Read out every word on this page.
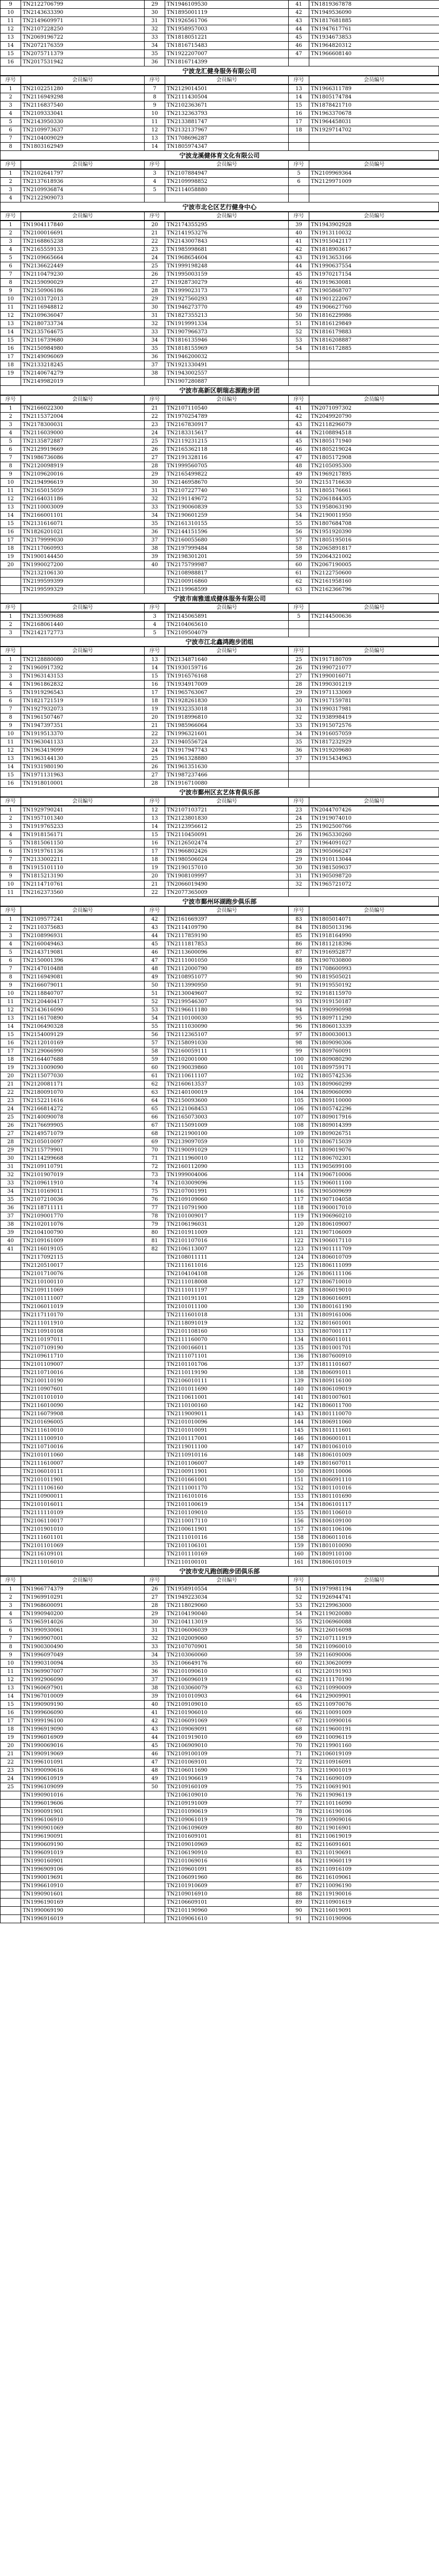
9	TN2122706799	29	TN1946109530	41	TN1819367878
10	TN2143633390	30	TN1895001119	42	TN1949536090
11	TN2149609971	31	TN1926561706	43	TN1817681885
12	TN2107228250	32	TN1958957003	44	TN1947617761
13	TN2069196722	33	TN1818051221	45	TN1934673853
14	TN2072176359	34	TN1816715483	46	TN1964820312
15	TN2075711379	35	TN1922207007	47	TN1966608140
16	TN2017531942	36	TN1816714399		
宁波龙汇健身服务有限公司
序号	会员编号	序号	会员编号	序号	会员编号
1	TN2102251280	7	TN2129014501	13	TN1966311789
2	TN2116949298	8	TN2111430504	14	TN1805174784
3	TN2116837540	9	TN2102363671	15	TN1878421710
4	TN2109333041	10	TN2132363793	16	TN1963370678
5	TN2143950330	11	TN2133881747	17	TN1964458031
6	TN2109973637	12	TN2132137967	18	TN1929714702
7	TN2104009029	13	TN1708696287		
8	TN1803162949	14	TN1805974347		
宁波龙溪健体育文化有限公司
序号	会员编号	序号	会员编号	序号	会员编号
1	TN2102641797	3	TN2107884947	5	TN2109969364
2	TN2137618936	4	TN2109998852	6	TN2129971009
3	TN2109936874	5	TN2114058880		
4	TN2122909073				
宁波市北仑区艺行健身中心
序号	会员编号	序号	会员编号	序号	会员编号
1	TN1904117840	20	TN2174355295	39	TN1943902928
2	TN2100016691	21	TN2141953276	40	TN1913110032
3	TN2168865238	22	TN2143007843	41	TN1915042117
4	TN2165559133	23	TN1985998681	42	TN1818903617
5	TN2109665664	24	TN1968654604	43	TN1913653166
6	TN2136622449	25	TN1999198248	44	TN1990637554
7	TN2110479230	26	TN1995003159	45	TN1970217154
8	TN2159090029	27	TN1928730279	46	TN1919630081
9	TN2150906186	28	TN1999023173	47	TN1905868707
10	TN2103172013	29	TN1927560293	48	TN1901222067
11	TN2116948812	30	TN1946273770	49	TN1906627760
12	TN2109636047	31	TN1827355213	50	TN1816229986
13	TN2180733734	32	TN1919991334	51	TN1816129849
14	TN2135764675	33	TN1907966373	52	TN1816179883
15	TN2116739680	34	TN1816135946	53	TN1816208887
16	TN2150984980	35	TN1818155969	54	TN1816172885
17	TN2149096069	36	TN1946200032		
18	TN2133218245	37	TN1921330491		
19	TN2140674279	38	TN1943002557		
	TN2149982019		TN1907280887		
宁波市高新区朝瑞志源跑步团
序号	会员编号	序号	会员编号	序号	会员编号
1	TN2166022300	21	TN2107110540	41	TN2071097302
2	TN2115372004	22	TN1970254789	42	TN2049920790
3	TN2178300031	23	TN2167830917	43	TN2118296079
4	TN2116039000	24	TN2183315617	44	TN2108894518
5	TN2135872887	25	TN2119231215	45	TN1805171940
6	TN2129919669	26	TN2165362118	46	TN1805219024
7	TN1986736086	27	TN2191328116	47	TN1805172908
8	TN2120098919	28	TN1999560705	48	TN2105095300
9	TN2109620016	29	TN2165499822	49	TN1969217895
10	TN2194996619	30	TN2146958670	50	TN2151716630
11	TN2165015059	31	TN2107227740	51	TN1805176661
12	TN2164031186	32	TN2191149672	52	TN2061844305
13	TN2110003009	33	TN2190060839	53	TN1958063190
14	TN2166001101	34	TN2190601259	54	TN2190011950
15	TN2131616071	35	TN2161310155	55	TN1807684708
16	TN1826201021	36	TN2144151596	56	TN1951920390
17	TN2179999030	37	TN2160055680	57	TN1805195016
18	TN2117060993	38	TN2197999484	58	TN2065891817
19	TN1900144450	39	TN2198301201	59	TN2064321002
20	TN1990027200	40	TN2175799987	60	TN2067190005
	TN2132106130		TN2108988817	61	TN2122750600
	TN2199599399		TN2100916860	62	TN2161958160
	TN2199599329		TN2119968599	63	TN2162366796
宁波市南雅道成健体服务有限公司
序号	会员编号	序号	会员编号	序号	会员编号
1	TN2135909688	3	TN2145065891	5	TN2144500636
2	TN2168061440	4	TN2104065610		
3	TN2142172773	5	TN2109504079		
宁波市江北鑫鸿跑步团组
序号	会员编号	序号	会员编号	序号	会员编号
1	TN2128880080	13	TN2134871640	25	TN1917180709
2	TN1960917392	14	TN1930159716	26	TN1990721077
3	TN1963143153	15	TN1916576168	27	TN1990016071
4	TN1961862832	16	TN1934917009	28	TN1990301219
5	TN1919296543	17	TN1965763067	29	TN1971133069
6	TN1821721519	18	TN1928261830	30	TN1917159781
7	TN1927932073	19	TN1932353018	31	TN1990317981
8	TN1961507467	20	TN1918996810	32	TN1938998419
9	TN1947397351	21	TN1985966064	33	TN1915072576
10	TN1919513370	22	TN1996321601	34	TN1916057059
11	TN1963041133	23	TN1940556724	35	TN1817232929
12	TN1963419099	24	TN1917947743	36	TN1919209680
13	TN1963144130	25	TN1961328880	37	TN1915434963
14	TN1931980190	26	TN1961351630		
15	TN1971131963	27	TN1987237466		
16	TN1918010001	28	TN1916710080		
宁波市鄞州区玄艺体育俱乐部
序号	会员编号	序号	会员编号	序号	会员编号
1	TN1929790241	12	TN2107103721	23	TN2044707426
2	TN1957101340	13	TN2123801830	24	TN1919074010
3	TN1919765233	14	TN2123956612	25	TN1902500766
4	TN1918156171	15	TN2110450091	26	TN1965330260
5	TN1815061150	16	TN2126502474	27	TN1964091027
6	TN1919761136	17	TN1966802426	28	TN1905066247
7	TN2133002211	18	TN1980506024	29	TN1910113044
8	TN1915101110	19	TN2190157010	30	TN1981509037
9	TN1815213190	20	TN1908109997	31	TN1905098720
10	TN2114710761	21	TN2066019490	32	TN1965721072
11	TN2162373560	22	TN2077365009		
宁波市鄞州环湖跑步俱乐部
序号	会员编号	序号	会员编号	序号	会员编号
1	TN2109577241	42	TN2161669397	83	TN1805014071
2	TN2110375683	43	TN2114109790	84	TN1805013196
3	TN2108996931	44	TN2117859190	85	TN1918164990
4	TN2160049463	45	TN2111817853	86	TN1811218396
5	TN2143719081	46	TN2113600096	87	TN1916952877
6	TN2150001396	47	TN2111001050	88	TN1907030800
7	TN2147010488	48	TN2112000790	89	TN1708600993
8	TN2116949081	49	TN2108951077	90	TN1819505021
9	TN2166079011	50	TN2113990950	91	TN1919550192
10	TN2118840707	51	TN2130049607	92	TN1918115970
11	TN2120440417	52	TN2199546307	93	TN1919150187
12	TN2143616090	53	TN2196611180	94	TN1990990998
13	TN2116170890	54	TN2110100030	95	TN1809711290
14	TN2106490328	55	TN2111030090	96	TN1806013339
15	TN2154009129	56	TN2112365107	97	TN1800030013
16	TN2112010169	57	TN2158091030	98	TN1809090306
17	TN2129066990	58	TN2160059111	99	TN1809760091
18	TN2164407688	59	TN2102001000	100	TN1809080290
19	TN2131009090	60	TN2190039860	101	TN1809759171
20	TN2115077030	61	TN2110611107	102	TN1805742536
21	TN2120081171	62	TN2160613537	103	TN1809060299
22	TN2180091070	63	TN2140100019	104	TN1809060090
23	TN2152211616	64	TN2150093600	105	TN1809110000
24	TN2166814272	65	TN2121068453	106	TN1805742296
25	TN2140090078	66	TN2165073003	107	TN1809017916
26	TN2176699905	67	TN2115091009	108	TN1809014399
27	TN2149571079	68	TN2121900100	109	TN1809026751
28	TN2105010097	69	TN2139097059	110	TN1806715039
29	TN2115779901	70	TN2190091029	111	TN1809019076
30	TN2114299668	71	TN2111960010	112	TN1806702301
31	TN2109110791	72	TN2160112090	113	TN1905699100
32	TN2101907019	73	TN1999004006	114	TN1906710006
33	TN2109611910	74	TN2103009096	115	TN1906011100
34	TN2110169011	75	TN2107001991	116	TN1905009699
35	TN2107210036	76	TN2109109060	117	TN1907104058
36	TN2118711111	77	TN2110791900	118	TN1900017010
37	TN2109001770	78	TN2101009017	119	TN1906960210
38	TN2102011076	79	TN2106196031	120	TN1806109007
39	TN2104100790	80	TN2101911009	121	TN1907106009
40	TN2109161009	81	TN2101107016	122	TN1906017110
41	TN2116019105	82	TN2106113007	123	TN1901111709
	TN2117092115		TN2108011111	124	TN1806010709
	TN2120510017		TN2111611016	125	TN1806111099
	TN2101710076		TN2104104108	126	TN1806111106
	TN2110100110		TN2111018008	127	TN1806710010
	TN2109111069		TN2111011197	128	TN1806019010
	TN2101111007		TN2110191101	129	TN1806016091
	TN2106011019		TN2101011100	130	TN1800161190
	TN2117110170		TN2111601018	131	TN1809161006
	TN2111011910		TN2118091019	132	TN1801601001
	TN2110910108		TN2101108160	133	TN1807001117
	TN2110197011		TN2111160070	134	TN1806011011
	TN2107109190		TN2100166011	135	TN1801001701
	TN2109611710		TN2111071101	136	TN1807600910
	TN2101109007		TN2101101706	137	TN1811101607
	TN2110710016		TN2110119190	138	TN1806091011
	TN2100110190		TN2106010111	139	TN1809116100
	TN2110907601		TN2101011690	140	TN1806109019
	TN2101101010		TN2110611001	141	TN1801007601
	TN2116010090		TN2110100160	142	TN1806011700
	TN2116079908		TN2119009011	143	TN1801110070
	TN2101696005		TN2101010096	144	TN1806911060
	TN2111610010		TN2101010091	145	TN1801111601
	TN2111100910		TN2101117001	146	TN1806001011
	TN2110710016		TN2119011100	147	TN1801061010
	TN2101011060		TN2110910116	148	TN1806101009
	TN2111610007		TN2101106007	149	TN1801607011
	TN2106010111		TN2100911901	150	TN1809110006
	TN2101011901		TN2101661001	151	TN1806091110
	TN2111106160		TN2111001170	152	TN1801101016
	TN2110900011		TN2116101016	153	TN1801101690
	TN2101016011		TN2101100619	154	TN1806101117
	TN2111110109		TN2101109010	155	TN1801106010
	TN2106110017		TN2110017110	156	TN1806109100
	TN2101901010		TN2100611901	157	TN1801106106
	TN2111601101		TN2111010116	158	TN1806011016
	TN2101101069		TN2101106101	159	TN1801010090
	TN2116109101		TN2101110169	160	TN1809110100
	TN2111016010		TN2110100101	161	TN1806101019
宁波市安凡跑创跑步团俱乐部
序号	会员编号	序号	会员编号	序号	会员编号
1	TN1966774379	26	TN1958910554	51	TN1979981194
2	TN1969910291	27	TN1949223034	52	TN1926944741
3	TN1968600091	28	TN2118029060	53	TN2129963000
4	TN1990940200	29	TN2104190040	54	TN2119020080
5	TN1965914026	30	TN2104113019	55	TN2106960088
6	TN1990930061	31	TN2106006039	56	TN2126016098
7	TN1969907001	32	TN2102009060	57	TN2107111919
8	TN1900300490	33	TN2107070901	58	TN2110960010
9	TN1996097049	34	TN2103060060	59	TN2116090006
10	TN1990310094	35	TN2106649176	60	TN2130620099
11	TN1969907007	36	TN2101090610	61	TN2120191903
12	TN1992906090	37	TN2106096019	62	TN2111170190
13	TN1960697901	38	TN2103060079	63	TN2110990009
14	TN1967010009	39	TN2101010903	64	TN2129009901
15	TN1990909190	40	TN2109109010	65	TN2110970076
16	TN1999606090	41	TN2101906010	66	TN2110091009
17	TN1999196100	42	TN2106091069	67	TN2110990016
18	TN1996919090	43	TN2109069091	68	TN2119600191
19	TN1996016909	44	TN2101919010	69	TN2110096119
20	TN1990069016	45	TN2106909010	70	TN2119901160
21	TN1990919069	46	TN2109100109	71	TN2106019109
22	TN1996101091	47	TN2101069101	72	TN2110916091
23	TN1990090616	48	TN2106011690	73	TN2119001019
24	TN1990610919	49	TN2101906619	74	TN2116090109
25	TN1996109099	50	TN2109160109	75	TN2110691901
	TN1990901016		TN2106109010	76	TN2119096119
	TN1996019606		TN2109191009	77	TN2110116090
	TN1990091901		TN2101090619	78	TN2116190106
	TN1996106910		TN2109061019	79	TN2110909016
	TN1990901069		TN2106109609	80	TN2119016901
	TN1996190091		TN2101609101	81	TN2110619019
	TN1990609190		TN2109010969	82	TN2116091601
	TN1996091019		TN2106190910	83	TN2110190691
	TN1990160901		TN2101069016	84	TN2119060119
	TN1996909106		TN2109601091	85	TN2110916109
	TN1990019691		TN2106091960	86	TN2116109061
	TN1996610910		TN2101910609	87	TN2110096190
	TN1990901601		TN2109016910	88	TN2119190016
	TN1996190169		TN2106609101	89	TN2110901619
	TN1990069190		TN2101190960	90	TN2116019091
	TN1996916019		TN2109061610	91	TN2110190906
